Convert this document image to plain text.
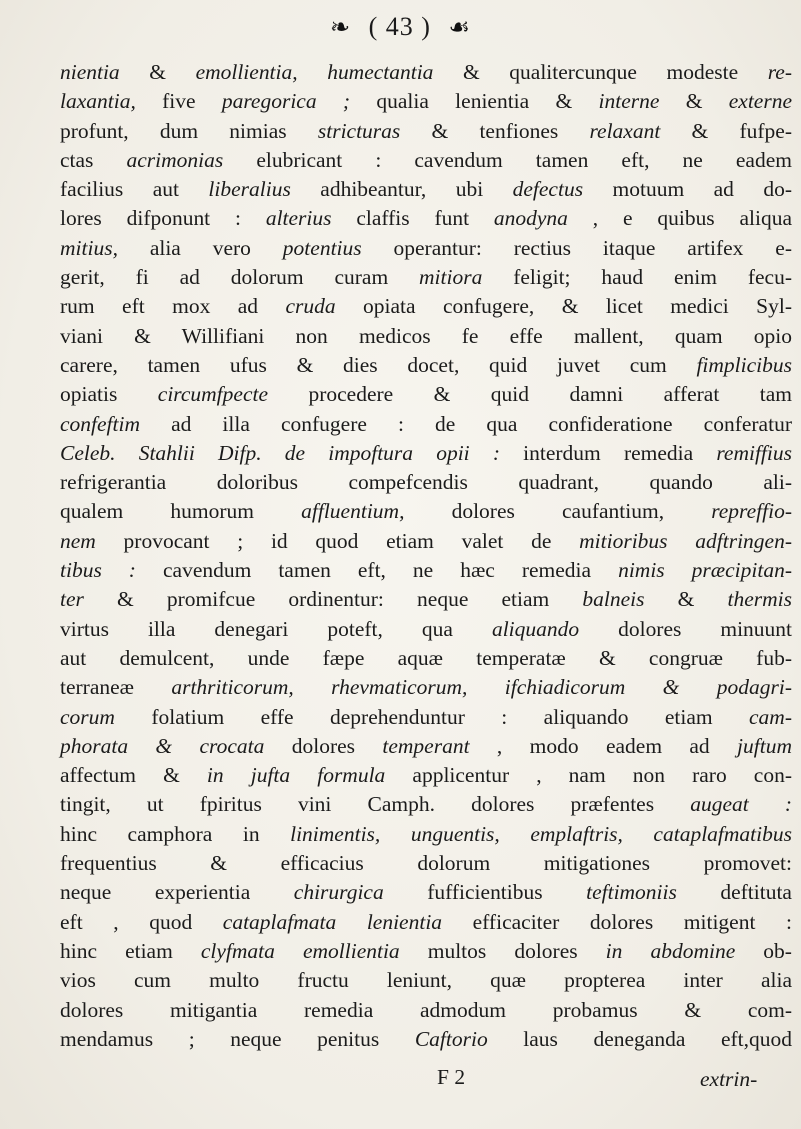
❧ ( 43 ) ☙
nientia & emollientia, humectantia & qualitercunque modeste re-
laxantia, five paregorica ; qualia lenientia & interne & externe
profunt, dum nimias stricturas & tenfiones relaxant & fufpe-
ctas acrimonias elubricant : cavendum tamen eft, ne eadem
facilius aut liberalius adhibeantur, ubi defectus motuum ad do-
lores difponunt : alterius claffis funt anodyna , e quibus aliqua
mitius, alia vero potentius operantur: rectius itaque artifex e-
gerit, fi ad dolorum curam mitiora feligit; haud enim fecu-
rum eft mox ad cruda opiata confugere, & licet medici Syl-
viani & Willifiani non medicos fe effe mallent, quam opio
carere, tamen ufus & dies docet, quid juvet cum fimplicibus
opiatis circumfpecte procedere & quid damni afferat tam
confeftim ad illa confugere : de qua confideratione conferatur
Celeb. Stahlii Difp. de impoftura opii : interdum remedia remiffius
refrigerantia doloribus compefcendis quadrant, quando ali-
qualem humorum affluentium, dolores caufantium, repreffio-
nem provocant ; id quod etiam valet de mitioribus adftringen-
tibus : cavendum tamen eft, ne hæc remedia nimis præcipitan-
ter & promifcue ordinentur: neque etiam balneis & thermis
virtus illa denegari poteft, qua aliquando dolores minuunt
aut demulcent, unde fæpe aquæ temperatæ & congruæ fub-
terraneæ arthriticorum, rhevmaticorum, ifchiadicorum & podagri-
corum folatium effe deprehenduntur : aliquando etiam cam-
phorata & crocata dolores temperant , modo eadem ad juftum
affectum & in jufta formula applicentur , nam non raro con-
tingit, ut fpiritus vini Camph. dolores præfentes augeat :
hinc camphora in linimentis, unguentis, emplaftris, cataplafmatibus
frequentius & efficacius dolorum mitigationes promovet:
neque experientia chirurgica fufficientibus teftimoniis deftituta
eft , quod cataplafmata lenientia efficaciter dolores mitigent :
hinc etiam clyfmata emollientia multos dolores in abdomine ob-
vios cum multo fructu leniunt, quæ propterea inter alia
dolores mitigantia remedia admodum probamus & com-
mendamus ; neque penitus Caftorio laus deneganda eft,quod
F 2	extrin-
